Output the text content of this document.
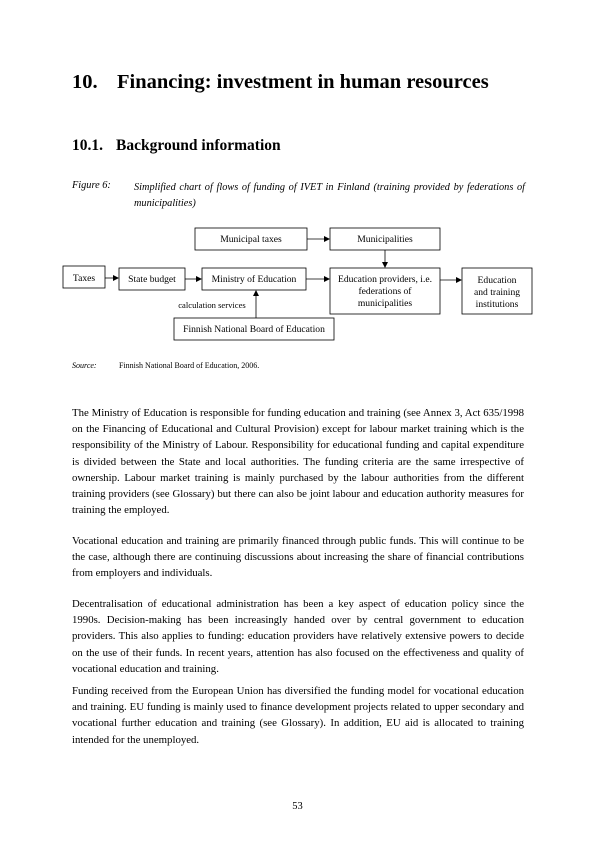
10. Financing: investment in human resources
10.1. Background information
Figure 6: Simplified chart of flows of funding of IVET in Finland (training provided by federations of municipalities)
Municipal taxes	Municipalities
Taxes	State budget	Ministry of Education	Education providers, i.e.
federations of
municipalities
Education
and training
institutions
calculation services
Finnish National Board of Education
Source:	Finnish National Board of Education, 2006.
The Ministry of Education is responsible for funding education and training (see Annex 3, Act 635/1998 on the Financing of Educational and Cultural Provision) except for labour market training which is the responsibility of the Ministry of Labour. Responsibility for educational funding and capital expenditure is divided between the State and local authorities. The funding criteria are the same irrespective of ownership. Labour market training is mainly purchased by the labour authorities from the different training providers (see Glossary) but there can also be joint labour and education authority measures for training the employed.
Vocational education and training are primarily financed through public funds. This will continue to be the case, although there are continuing discussions about increasing the share of financial contributions from employers and individuals.
Decentralisation of educational administration has been a key aspect of education policy since the 1990s. Decision-making has been increasingly handed over by central government to education providers. This also applies to funding: education providers have relatively extensive powers to decide on the use of their funds. In recent years, attention has also focused on the effectiveness and quality of vocational education and training.
Funding received from the European Union has diversified the funding model for vocational education and training. EU funding is mainly used to finance development projects related to upper secondary and vocational further education and training (see Glossary). In addition, EU aid is allocated to training intended for the unemployed.
53
